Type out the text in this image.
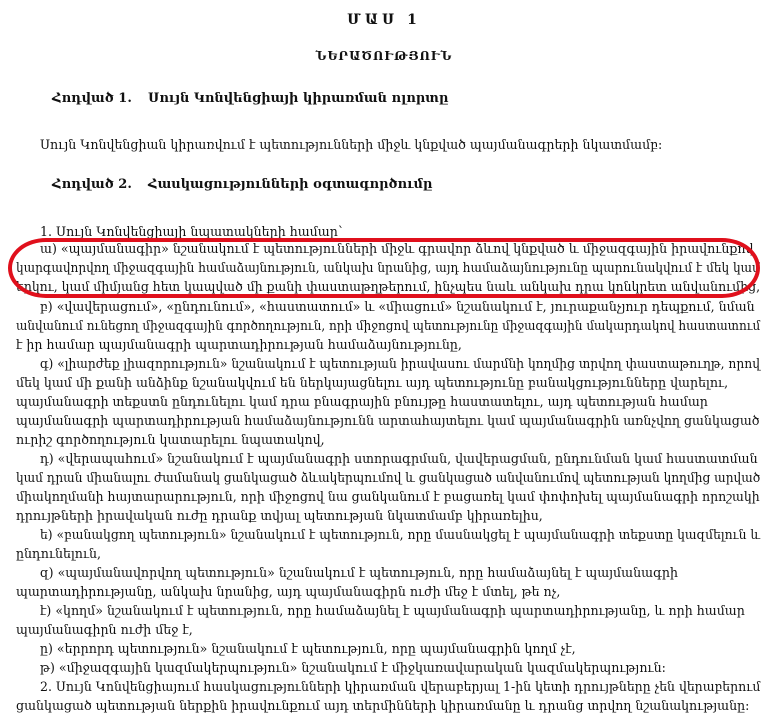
ՄԱՍ 1
ՆԵՐԱԾՈՒԹՅՈՒՆ
Հոդված 1. Սույն Կոնվենցիայի կիրառման ոլորտը
Սույն Կոնվենցիան կիրառվում է պետությունների միջև կնքված պայմանագրերի նկատմամբ:
Հոդված 2. Հասկացությունների օգտագործումը
1. Սույն Կոնվենցիայի նպատակների համար՝
ա) «պայմանագիր» նշանակում է պետությունների միջև գրավոր ձևով կնքված և միջազգային իրավունքով
կարգավորվող միջազգային համաձայնություն, անկախ նրանից, այդ համաձայնությունը պարունակվում է մեկ կամ
երկու, կամ միմյանց հետ կապված մի քանի փաստաթղթերում, ինչպես նաև անկախ դրա կոնկրետ անվանումից,
բ) «վավերացում», «ընդունում», «հաստատում» և «միացում» նշանակում է, յուրաքանչյուր դեպքում, նման
անվանում ունեցող միջազգային գործողություն, որի միջոցով պետությունը միջազգային մակարդակով հաստատում
է իր համար պայմանագրի պարտադիրության համաձայնությունը,
գ) «լիարժեք լիազորություն» նշանակում է պետության իրավասու մարմնի կողմից տրվող փաստաթուղթ, որով
մեկ կամ մի քանի անձինք նշանակվում են ներկայացնելու այդ պետությունը բանակցությունները վարելու,
պայմանագրի տեքստն ընդունելու կամ դրա բնագրային բնույթը հաստատելու, այդ պետության համար
պայմանագրի պարտադիրության համաձայնությունն արտահայտելու կամ պայմանագրին առնչվող ցանկացած
ուրիշ գործողություն կատարելու նպատակով,
դ) «վերապահում» նշանակում է պայմանագրի ստորագրման, վավերացման, ընդունման կամ հաստատման
կամ դրան միանալու ժամանակ ցանկացած ձևակերպումով և ցանկացած անվանումով պետության կողմից արված
միակողմանի հայտարարություն, որի միջոցով նա ցանկանում է բացառել կամ փոփոխել պայմանագրի որոշակի
դրույթների իրավական ուժը դրանք տվյալ պետության նկատմամբ կիրառելիս,
ե) «բանակցող պետություն» նշանակում է պետություն, որը մասնակցել է պայմանագրի տեքստը կազմելուն և
ընդունելուն,
զ) «պայմանավորվող պետություն» նշանակում է պետություն, որը համաձայնել է պայմանագրի
պարտադիրությանը, անկախ նրանից, այդ պայմանագիրն ուժի մեջ է մտել, թե ոչ,
է) «կողմ» նշանակում է պետություն, որը համաձայնել է պայմանագրի պարտադիրությանը, և որի համար
պայմանագիրն ուժի մեջ է,
ը) «երրորդ պետություն» նշանակում է պետություն, որը պայմանագրին կողմ չէ,
թ) «միջազգային կազմակերպություն» նշանակում է միջկառավարական կազմակերպություն:
2. Սույն Կոնվենցիայում հասկացությունների կիրառման վերաբերյալ 1-ին կետի դրույթները չեն վերաբերում
ցանկացած պետության ներքին իրավունքում այդ տերմինների կիրառմանը և դրանց տրվող նշանակությանը:
